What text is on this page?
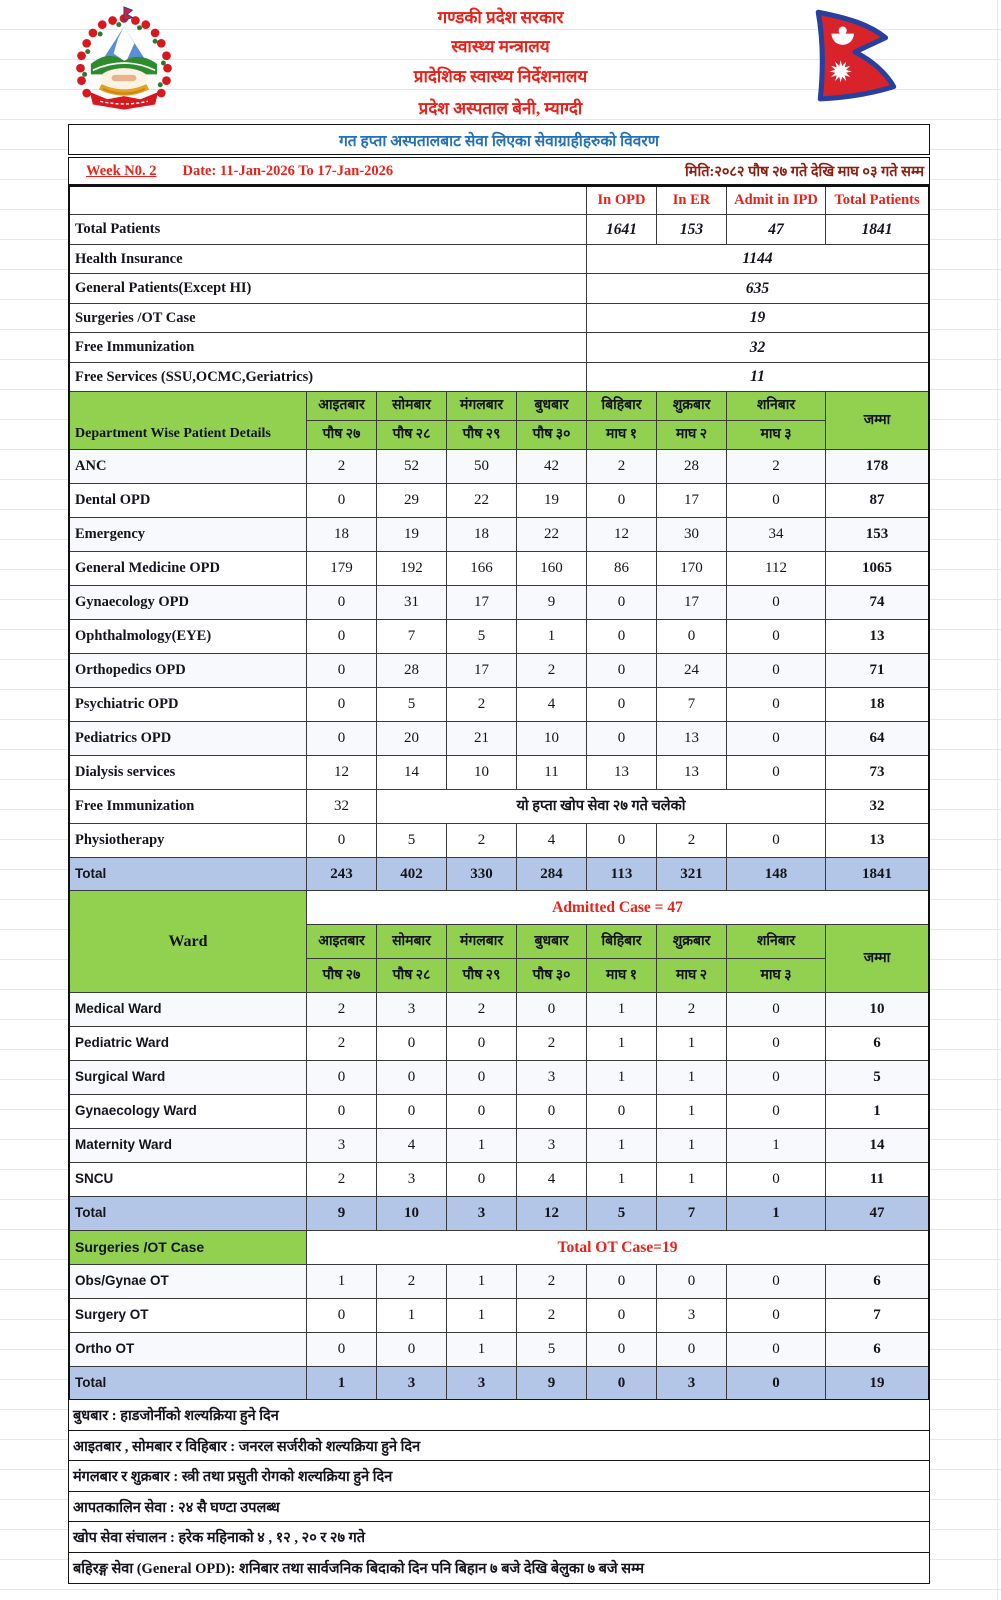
गण्डकी प्रदेश सरकार
स्वास्थ्य मन्त्रालय
प्रादेशिक स्वास्थ्य निर्देशनालय
प्रदेश अस्पताल बेनी, म्याग्दी
गत हप्ता अस्पतालबाट सेवा लिएका सेवाग्राहीहरुको विवरण
Week N0. 2 Date: 11-Jan-2026 To 17-Jan-2026	मिति:२०८२ पौष २७ गते देखि माघ ०३ गते सम्म
In OPD	In ER	Admit in IPD	Total Patients
Total Patients	1641	153	47	1841
Health Insurance	1144
General Patients(Except HI)	635
Surgeries /OT Case	19
Free Immunization	32
Free Services (SSU,OCMC,Geriatrics)	11
Department Wise Patient Details
आइतबार	सोमबार	मंगलबार	बुधबार	बिहिबार	शुक्रबार	शनिबार
जम्मा
पौष २७	पौष २८	पौष २९	पौष ३०	माघ १	माघ २	माघ ३
ANC	2	52	50	42	2	28	2	178
Dental OPD	0	29	22	19	0	17	0	87
Emergency	18	19	18	22	12	30	34	153
General Medicine OPD	179	192	166	160	86	170	112	1065
Gynaecology OPD	0	31	17	9	0	17	0	74
Ophthalmology(EYE)	0	7	5	1	0	0	0	13
Orthopedics OPD	0	28	17	2	0	24	0	71
Psychiatric OPD	0	5	2	4	0	7	0	18
Pediatrics OPD	0	20	21	10	0	13	0	64
Dialysis services	12	14	10	11	13	13	0	73
Free Immunization	32	यो हप्ता खोप सेवा २७ गते चलेको	32
Physiotherapy	0	5	2	4	0	2	0	13
Total	243	402	330	284	113	321	148	1841
Ward
Admitted Case = 47
आइतबार	सोमबार	मंगलबार	बुधबार	बिहिबार	शुक्रबार	शनिबार
जम्मा
पौष २७	पौष २८	पौष २९	पौष ३०	माघ १	माघ २	माघ ३
Medical Ward	2	3	2	0	1	2	0	10
Pediatric Ward	2	0	0	2	1	1	0	6
Surgical Ward	0	0	0	3	1	1	0	5
Gynaecology Ward	0	0	0	0	0	1	0	1
Maternity Ward	3	4	1	3	1	1	1	14
SNCU	2	3	0	4	1	1	0	11
Total	9	10	3	12	5	7	1	47
Surgeries /OT Case	Total OT Case=19
Obs/Gynae OT	1	2	1	2	0	0	0	6
Surgery OT	0	1	1	2	0	3	0	7
Ortho OT	0	0	1	5	0	0	0	6
Total	1	3	3	9	0	3	0	19
बुधबार : हाडजोर्नीको शल्यक्रिया हुने दिन
आइतबार , सोमबार र विहिबार : जनरल सर्जरीको शल्यक्रिया हुने दिन
मंगलबार र शुक्रबार : स्त्री तथा प्रसुती रोगको शल्यक्रिया हुने दिन
आपतकालिन सेवा : २४ सै घण्टा उपलब्ध
खोप सेवा संचालन : हरेक महिनाको ४ , १२ , २० र २७ गते
बहिरङ्ग सेवा (General OPD): शनिबार तथा सार्वजनिक बिदाको दिन पनि बिहान ७ बजे देखि बेलुका ७ बजे सम्म
